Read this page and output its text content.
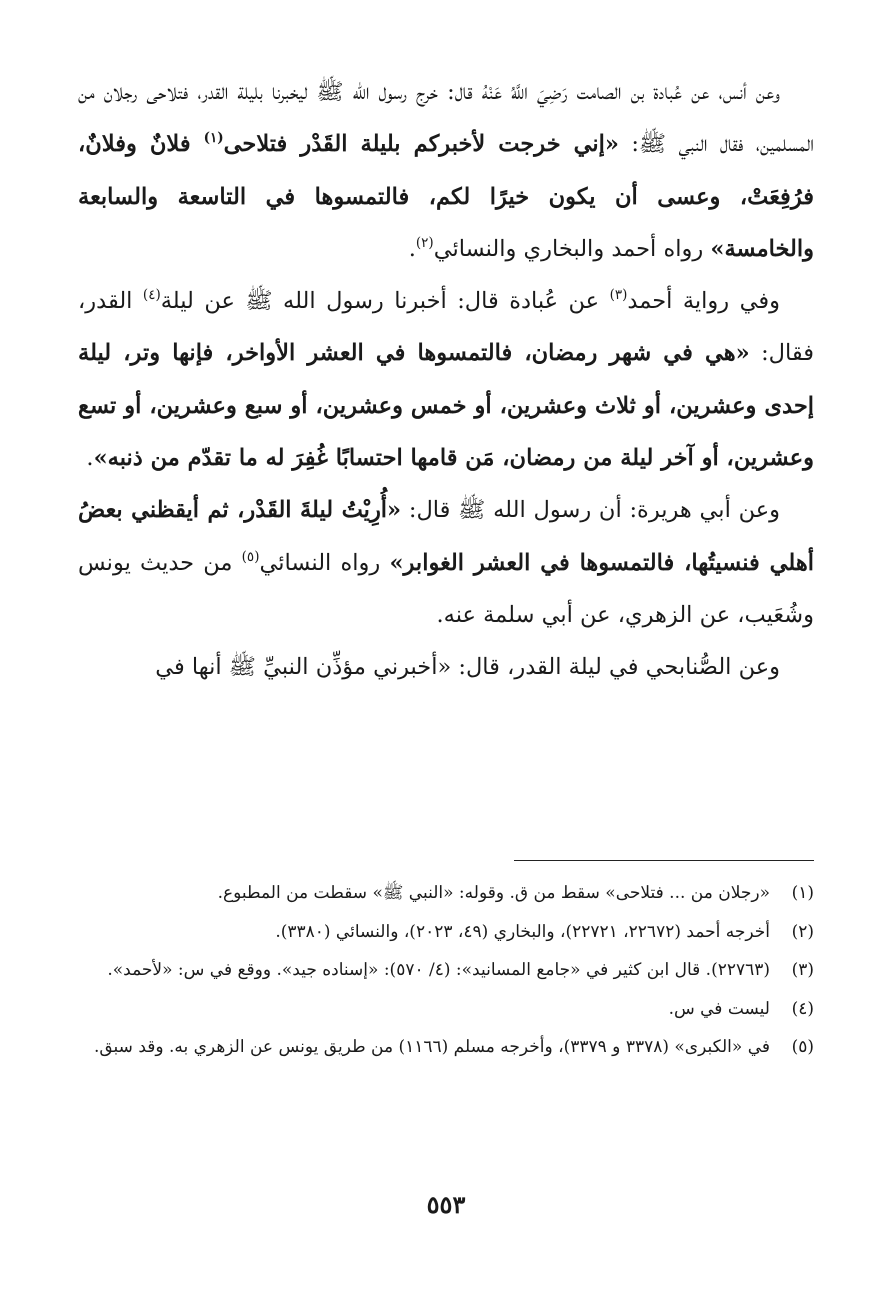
وعن أنس، عن عُبادة بن الصامت رَضِيَ اللَّهُ عَنْهُ قال: خرج رسول الله ﷺ ليخبرنا بليلة القدر، فتلاحى رجلان من المسلمين، فقال النبي ﷺ: «إني خرجت لأخبركم بليلة القَدْر فتلاحى$^{(١)}$ فلانٌ وفلانٌ، فرُفِعَتْ، وعسى أن يكون خيرًا لكم، فالتمسوها في التاسعة والسابعة والخامسة» رواه أحمد والبخاري والنسائي$^{(٢)}$.

وفي رواية أحمد$^{(٣)}$ عن عُبادة قال: أخبرنا رسول الله ﷺ عن ليلة$^{(٤)}$ القدر، فقال: «هي في شهر رمضان، فالتمسوها في العشر الأواخر، فإنها وتر، ليلة إحدى وعشرين، أو ثلاث وعشرين، أو خمس وعشرين، أو سبع وعشرين، أو تسع وعشرين، أو آخر ليلة من رمضان، مَن قامها احتسابًا غُفِرَ له ما تقدّم من ذنبه».

وعن أبي هريرة: أن رسول الله ﷺ قال: «أُرِيْتُ ليلةَ القَدْر، ثم أيقظني بعضُ أهلي فنسيتُها، فالتمسوها في العشر الغوابر» رواه النسائي$^{(٥)}$ من حديث يونس وشُعَيب، عن الزهري، عن أبي سلمة عنه.

وعن الصُّنابحي في ليلة القدر، قال: «أخبرني مؤذِّن النبيِّ ﷺ أنها في

(١)
«رجلان من ... فتلاحى» سقط من ق. وقوله: «النبي ﷺ» سقطت من المطبوع.
(٢)
أخرجه أحمد (٢٢٦٧٢، ٢٢٧٢١)، والبخاري (٤٩، ٢٠٢٣)، والنسائي (٣٣٨٠).
(٣)
(٢٢٧٦٣). قال ابن كثير في «جامع المسانيد»: (٤/ ٥٧٠): «إسناده جيد». ووقع في س: «لأحمد».
(٤)
ليست في س.
(٥)
في «الكبرى» (٣٣٧٨ و ٣٣٧٩)، وأخرجه مسلم (١١٦٦) من طريق يونس عن الزهري به. وقد سبق.
٥٥٣
